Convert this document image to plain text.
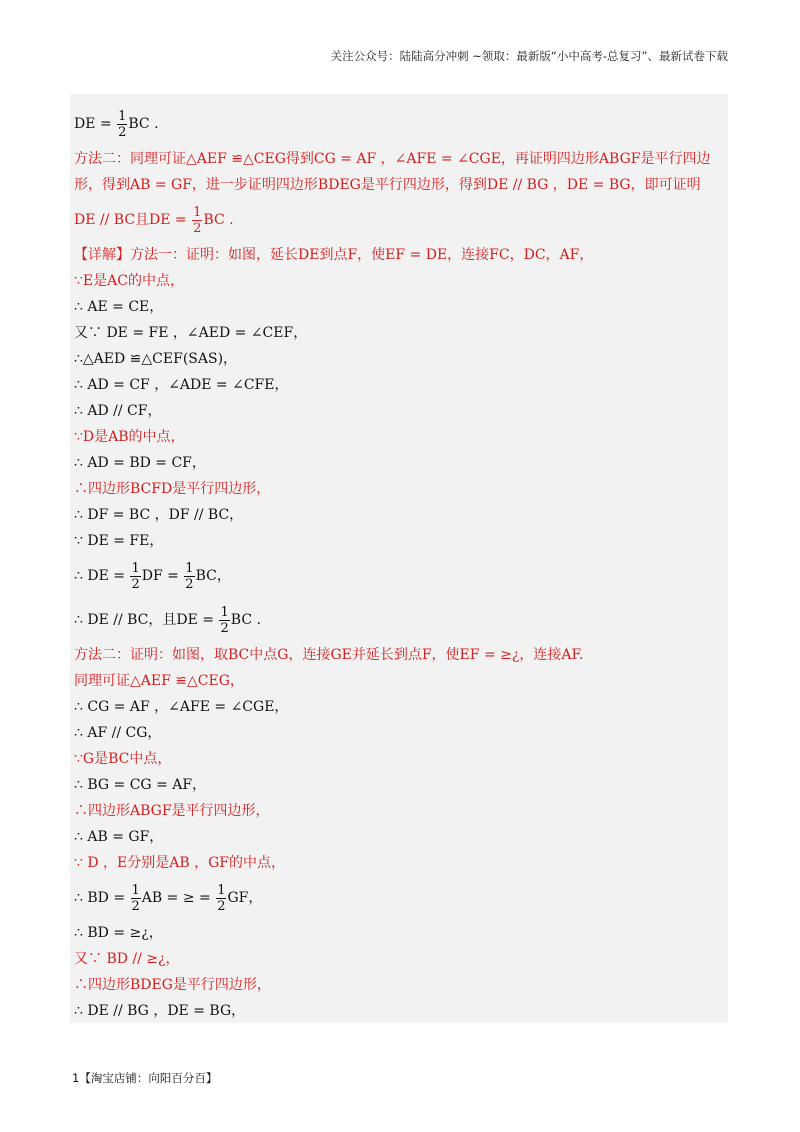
关注公众号：陆陆高分冲刺 ~领取：最新版“小中高考-总复习”、最新试卷下载
DE = $\frac{1}{2}$ BC .
方法二：同理可证△AEF ≌△CEG得到CG = AF ，∠AFE = ∠CGE，再证明四边形ABGF是平行四边
形，得到AB = GF，进一步证明四边形BDEG是平行四边形，得到DE // BG ，DE = BG，即可证明
DE // BC且DE = $\frac{1}{2}$ BC .
【详解】方法一：证明：如图，延长DE到点F，使EF = DE，连接FC，DC，AF，
∵E是AC的中点，
∴ AE = CE，
又∵ DE = FE ，∠AED = ∠CEF，
∴△AED ≌△CEF(SAS)，
∴ AD = CF ，∠ADE = ∠CFE，
∴ AD // CF，
∵D是AB的中点，
∴ AD = BD = CF，
∴四边形BCFD是平行四边形，
∴ DF = BC ，DF // BC，
∵ DE = FE，
∴ DE = $\frac{1}{2}$ DF = $\frac{1}{2}$ BC，
∴ DE // BC，且DE = $\frac{1}{2}$ BC .
方法二：证明：如图，取BC中点G，连接GE并延长到点F，使EF = ≥¿，连接AF.
同理可证△AEF ≌△CEG，
∴ CG = AF ，∠AFE = ∠CGE，
∴ AF // CG，
∵G是BC中点，
∴ BG = CG = AF，
∴四边形ABGF是平行四边形，
∴ AB = GF，
∵ D ，E分别是AB ，GF的中点，
∴ BD = $\frac{1}{2}$ AB = ≥ = $\frac{1}{2}$ GF，
∴ BD = ≥¿，
又∵ BD // ≥¿，
∴四边形BDEG是平行四边形，
∴ DE // BG ，DE = BG，
1【淘宝店铺：向阳百分百】
